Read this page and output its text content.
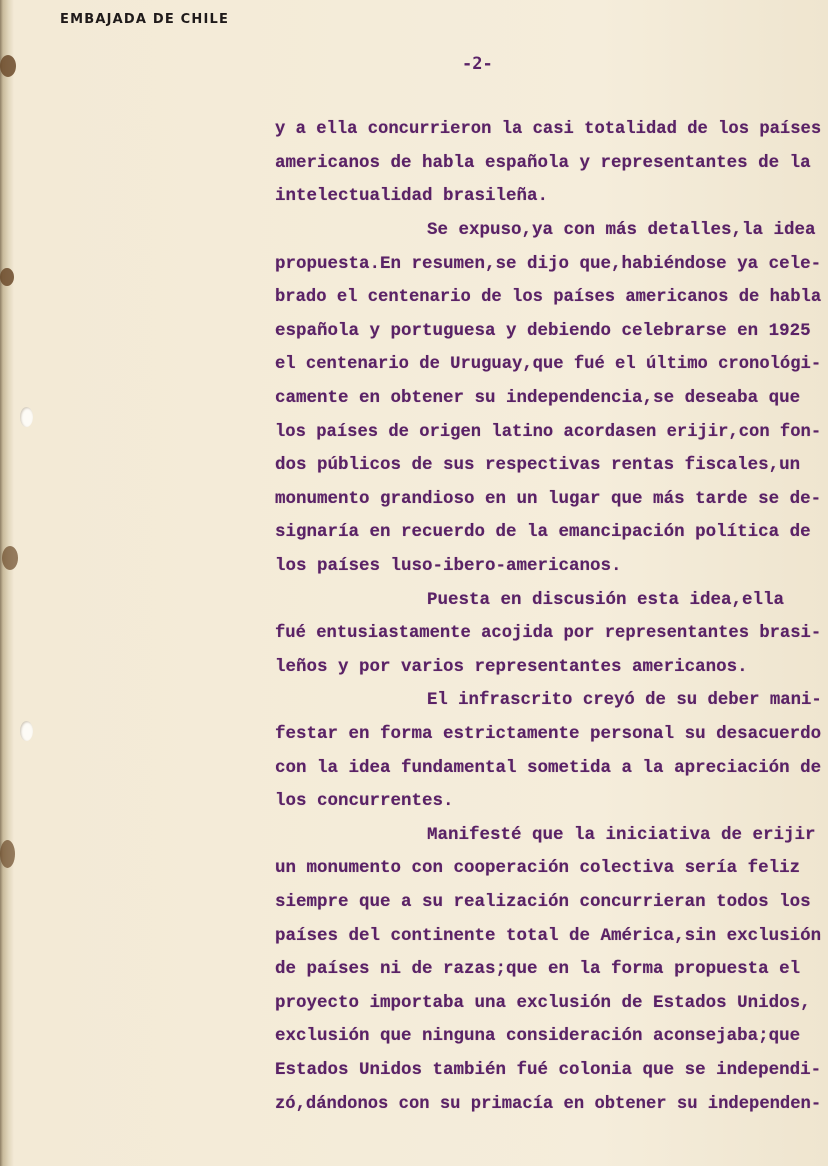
EMBAJADA DE CHILE
-2-
y a ella concurrieron la casi totalidad de los países
americanos de habla española y representantes de la
intelectualidad brasileña.
Se expuso,ya con más detalles,la idea
propuesta.En resumen,se dijo que,habiéndose ya cele-
brado el centenario de los países americanos de habla
española y portuguesa y debiendo celebrarse en 1925
el centenario de Uruguay,que fué el último cronológi-
camente en obtener su independencia,se deseaba que
los países de origen latino acordasen erijir,con fon-
dos públicos de sus respectivas rentas fiscales,un
monumento grandioso en un lugar que más tarde se de-
signaría en recuerdo de la emancipación política de
los países luso-ibero-americanos.
Puesta en discusión esta idea,ella
fué entusiastamente acojida por representantes brasi-
leños y por varios representantes americanos.
El infrascrito creyó de su deber mani-
festar en forma estrictamente personal su desacuerdo
con la idea fundamental sometida a la apreciación de
los concurrentes.
Manifesté que la iniciativa de erijir
un monumento con cooperación colectiva sería feliz
siempre que a su realización concurrieran todos los
países del continente total de América,sin exclusión
de países ni de razas;que en la forma propuesta el
proyecto importaba una exclusión de Estados Unidos,
exclusión que ninguna consideración aconsejaba;que
Estados Unidos también fué colonia que se independi-
zó,dándonos con su primacía en obtener su independen-
